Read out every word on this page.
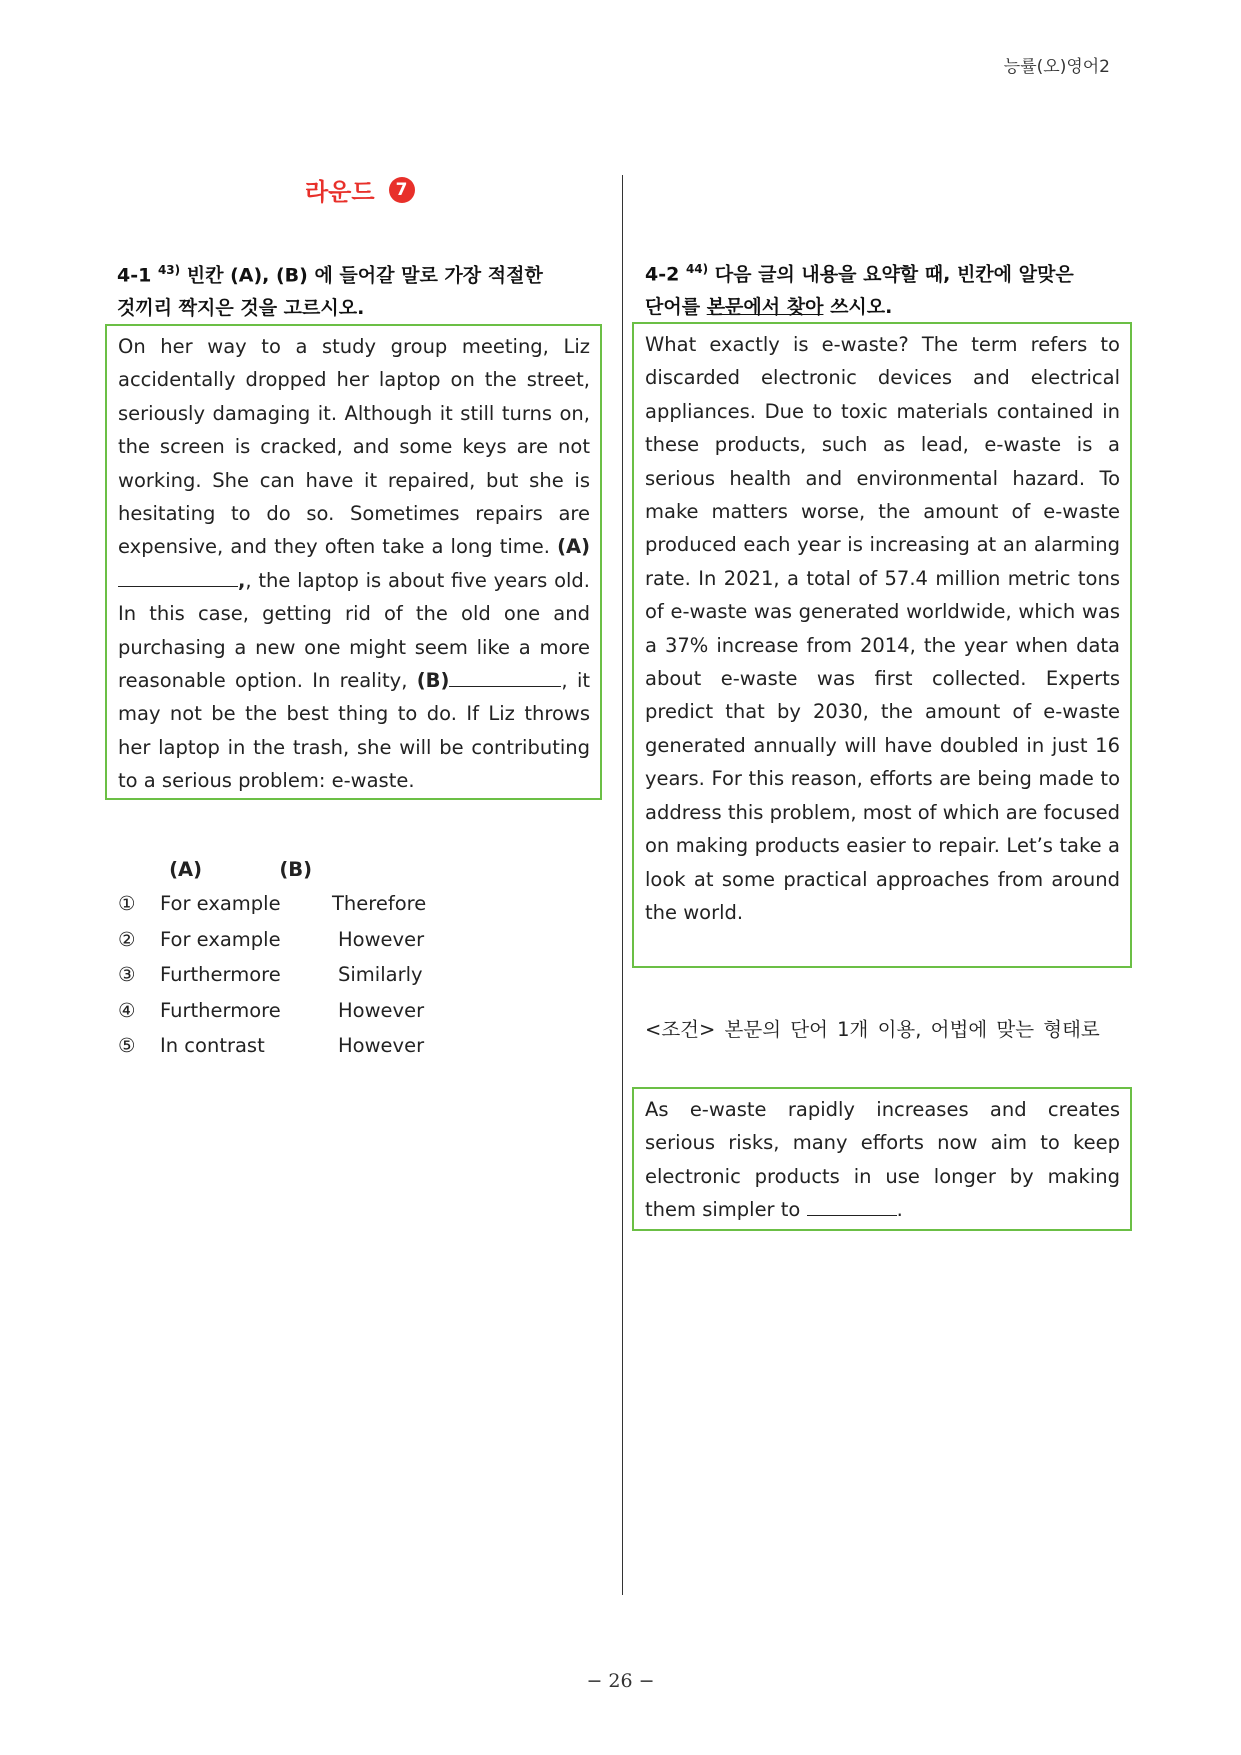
능률(오)영어2
라운드	7
4-1 $^{43)}$ 빈칸 (A), (B) 에 들어갈 말로 가장 적절한
것끼리 짝지은 것을 고르시오.

On her way to a study group meeting, Liz accidentally dropped her laptop on the street, seriously damaging it. Although it still turns on, the screen is cracked, and some keys are not working. She can have it repaired, but she is hesitating to do so. Sometimes repairs are expensive, and they often take a long time. (A),, the laptop is about five years old. In this case, getting rid of the old one and purchasing a new one might seem like a more reasonable option. In reality, (B)	, it may not be the best thing to do. If Liz throws her laptop in the trash, she will be contributing to a serious problem: e-waste.

(A)	(B)
①	For example	Therefore
②	For example	However
③	Furthermore	Similarly
④	Furthermore	However
⑤	In contrast	However
4-2 $^{44)}$ 다음 글의 내용을 요약할 때, 빈칸에 알맞은
단어를 본문에서 찾아 쓰시오.

What exactly is e-waste? The term refers to discarded electronic devices and electrical appliances. Due to toxic materials contained in these products, such as lead, e-waste is a serious health and environmental hazard. To make matters worse, the amount of e-waste produced each year is increasing at an alarming rate. In 2021, a total of 57.4 million metric tons of e-waste was generated worldwide, which was a 37% increase from 2014, the year when data about e-waste was first collected. Experts predict that by 2030, the amount of e-waste generated annually will have doubled in just 16 years. For this reason, efforts are being made to address this problem, most of which are focused on making products easier to repair. Let’s take a look at some practical approaches from around the world.

<조건> 본문의 단어 1개 이용, 어법에 맞는 형태로

As e-waste rapidly increases and creates serious risks, many efforts now aim to keep electronic products in use longer by making them simpler to	.

− 26 −
